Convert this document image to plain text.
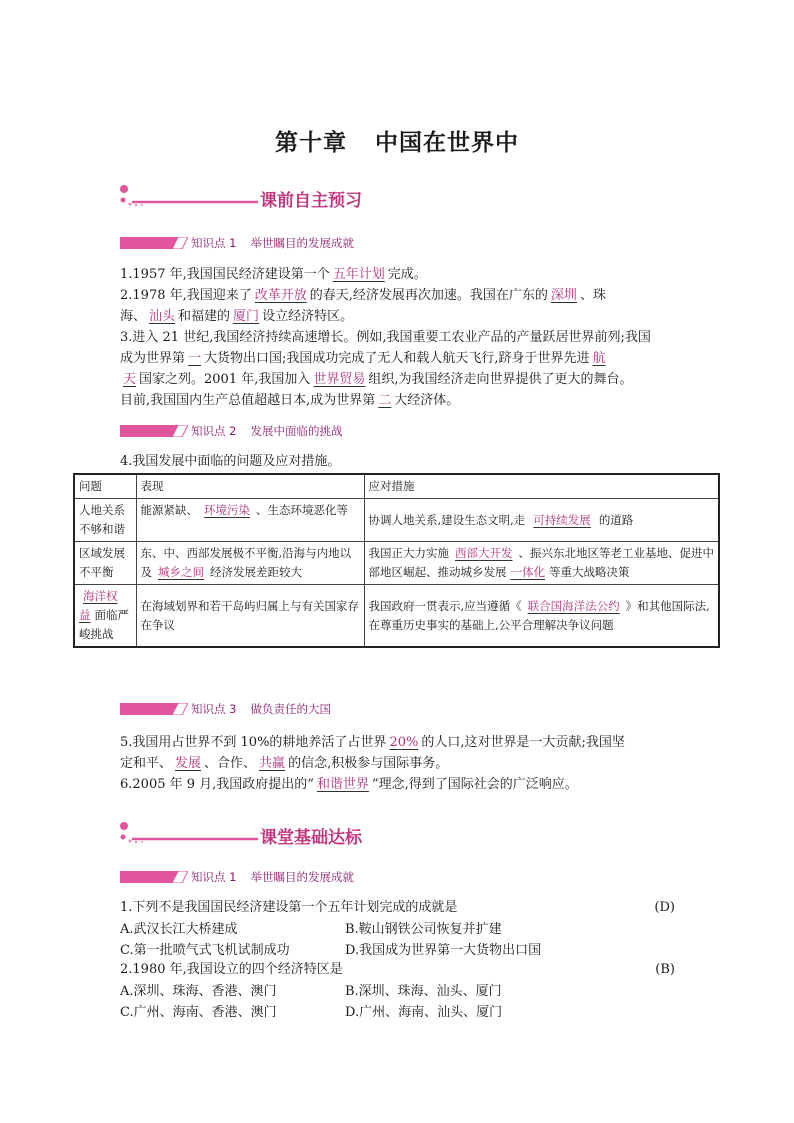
第十章 中国在世界中
课前自主预习
知识点 1 举世瞩目的发展成就
1.1957 年,我国国民经济建设第一个 五年计划 完成。
2.1978 年,我国迎来了 改革开放 的春天,经济发展再次加速。我国在广东的 深圳 、珠
海、 汕头 和福建的 厦门 设立经济特区。
3.进入 21 世纪,我国经济持续高速增长。例如,我国重要工农业产品的产量跃居世界前列;我国
成为世界第 一 大货物出口国;我国成功完成了无人和载人航天飞行,跻身于世界先进 航
天 国家之列。2001 年,我国加入 世界贸易 组织,为我国经济走向世界提供了更大的舞台。
目前,我国国内生产总值超越日本,成为世界第 二 大经济体。
知识点 2 发展中面临的挑战
4.我国发展中面临的问题及应对措施。
问题	表现	应对措施
人地关系不够和谐	能源紧缺、 环境污染 、生态环境恶化等	协调人地关系,建设生态文明,走 可持续发展 的道路
区域发展不平衡	东、中、西部发展极不平衡,沿海与内地以及 城乡之间 经济发展差距较大	我国正大力实施 西部大开发 、振兴东北地区等老工业基地、促进中部地区崛起、推动城乡发展 一体化 等重大战略决策
海洋权益 面临严峻挑战	在海域划界和若干岛屿归属上与有关国家存在争议	我国政府一贯表示,应当遵循《 联合国海洋法公约 》和其他国际法,在尊重历史事实的基础上,公平合理解决争议问题
知识点 3 做负责任的大国
5.我国用占世界不到 10%的耕地养活了占世界 20% 的人口,这对世界是一大贡献;我国坚
定和平、 发展 、合作、 共赢 的信念,积极参与国际事务。
6.2005 年 9 月,我国政府提出的“ 和谐世界 ”理念,得到了国际社会的广泛响应。
课堂基础达标
知识点 1 举世瞩目的发展成就
1.下列不是我国国民经济建设第一个五年计划完成的成就是	(D)
A.武汉长江大桥建成	B.鞍山钢铁公司恢复并扩建
C.第一批喷气式飞机试制成功	D.我国成为世界第一大货物出口国
2.1980 年,我国设立的四个经济特区是	(B)
A.深圳、珠海、香港、澳门	B.深圳、珠海、汕头、厦门
C.广州、海南、香港、澳门	D.广州、海南、汕头、厦门
